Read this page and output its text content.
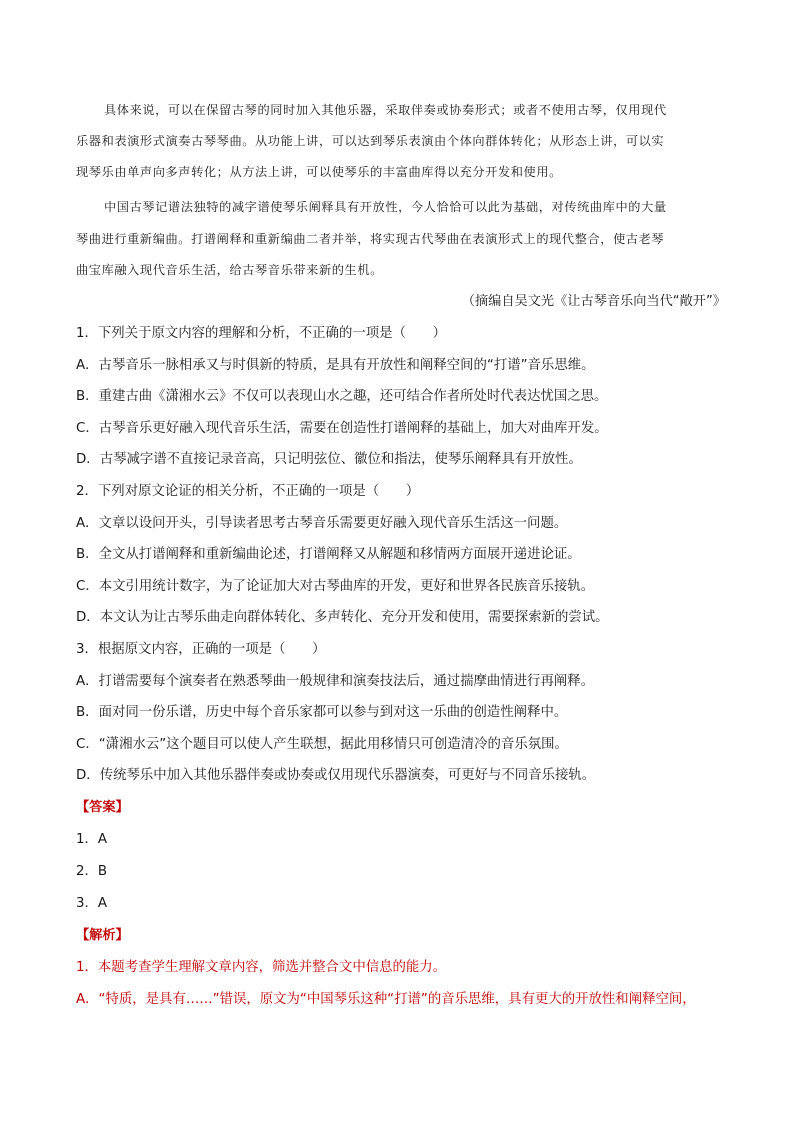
具体来说，可以在保留古琴的同时加入其他乐器，采取伴奏或协奏形式；或者不使用古琴，仅用现代
乐器和表演形式演奏古琴琴曲。从功能上讲，可以达到琴乐表演由个体向群体转化；从形态上讲，可以实
现琴乐由单声向多声转化；从方法上讲，可以使琴乐的丰富曲库得以充分开发和使用。
中国古琴记谱法独特的减字谱使琴乐阐释具有开放性，今人恰恰可以此为基础，对传统曲库中的大量
琴曲进行重新编曲。打谱阐释和重新编曲二者并举，将实现古代琴曲在表演形式上的现代整合，使古老琴
曲宝库融入现代音乐生活，给古琴音乐带来新的生机。
（摘编自吴文光《让古琴音乐向当代“敞开”》
1．下列关于原文内容的理解和分析，不正确的一项是（　　）
A．古琴音乐一脉相承又与时俱新的特质，是具有开放性和阐释空间的“打谱”音乐思维。
B．重建古曲《潇湘水云》不仅可以表现山水之趣，还可结合作者所处时代表达忧国之思。
C．古琴音乐更好融入现代音乐生活，需要在创造性打谱阐释的基础上，加大对曲库开发。
D．古琴减字谱不直接记录音高，只记明弦位、徽位和指法，使琴乐阐释具有开放性。
2．下列对原文论证的相关分析，不正确的一项是（　　）
A．文章以设问开头，引导读者思考古琴音乐需要更好融入现代音乐生活这一问题。
B．全文从打谱阐释和重新编曲论述，打谱阐释又从解题和移情两方面展开递进论证。
C．本文引用统计数字，为了论证加大对古琴曲库的开发，更好和世界各民族音乐接轨。
D．本文认为让古琴乐曲走向群体转化、多声转化、充分开发和使用，需要探索新的尝试。
3．根据原文内容，正确的一项是（　　）
A．打谱需要每个演奏者在熟悉琴曲一般规律和演奏技法后，通过揣摩曲情进行再阐释。
B．面对同一份乐谱，历史中每个音乐家都可以参与到对这一乐曲的创造性阐释中。
C．“潇湘水云”这个题目可以使人产生联想，据此用移情只可创造清冷的音乐氛围。
D．传统琴乐中加入其他乐器伴奏或协奏或仅用现代乐器演奏，可更好与不同音乐接轨。
【答案】
1．A
2．B
3．A
【解析】
1．本题考查学生理解文章内容，筛选并整合文中信息的能力。
A．“特质，是具有……”错误，原文为“中国琴乐这种“打谱”的音乐思维，具有更大的开放性和阐释空间，
